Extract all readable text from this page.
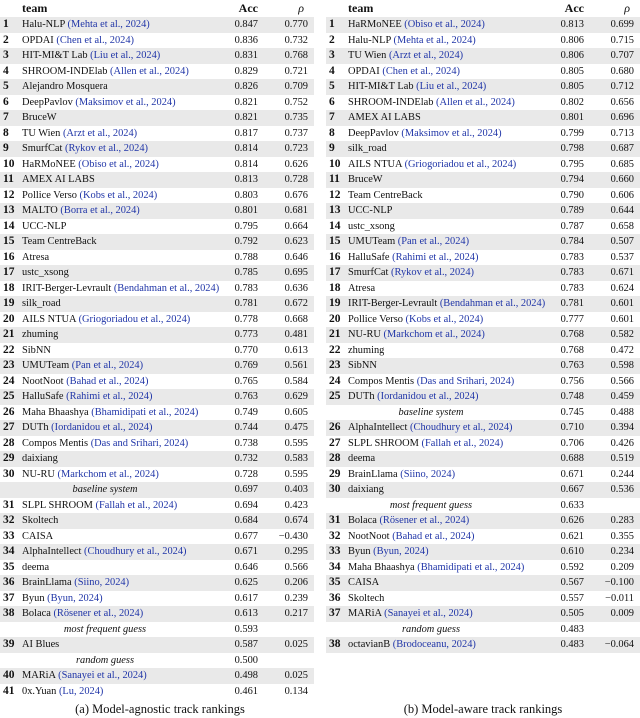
team	Acc	ρ
1	Halu-NLP (Mehta et al., 2024)	0.847	0.770
2	OPDAI (Chen et al., 2024)	0.836	0.732
3	HIT-MI&T Lab (Liu et al., 2024)	0.831	0.768
4	SHROOM-INDElab (Allen et al., 2024)	0.829	0.721
5	Alejandro Mosquera	0.826	0.709
6	DeepPavlov (Maksimov et al., 2024)	0.821	0.752
7	BruceW	0.821	0.735
8	TU Wien (Arzt et al., 2024)	0.817	0.737
9	SmurfCat (Rykov et al., 2024)	0.814	0.723
10 HaRMoNEE (Obiso et al., 2024)	0.814	0.626
11 AMEX AI LABS	0.813	0.728
12 Pollice Verso (Kobs et al., 2024)	0.803	0.676
13 MALTO (Borra et al., 2024)	0.801	0.681
14 UCC-NLP	0.795	0.664
15 Team CentreBack	0.792	0.623
16 Atresa	0.788	0.646
17 ustc_xsong	0.785	0.695
18 IRIT-Berger-Levrault (Bendahman et al., 2024) 0.783	0.636
19 silk_road	0.781	0.672
20 AILS NTUA (Griogoriadou et al., 2024)	0.778	0.668
21 zhuming	0.773	0.481
22 SibNN	0.770	0.613
23 UMUTeam (Pan et al., 2024)	0.769	0.561
24 NootNoot (Bahad et al., 2024)	0.765	0.584
25 HalluSafe (Rahimi et al., 2024)	0.763	0.629
26 Maha Bhaashya (Bhamidipati et al., 2024)	0.749	0.605
27 DUTh (Iordanidou et al., 2024)	0.744	0.475
28 Compos Mentis (Das and Srihari, 2024)	0.738	0.595
29 daixiang	0.732	0.583
30 NU-RU (Markchom et al., 2024)	0.728	0.595
baseline system	0.697	0.403
31 SLPL SHROOM (Fallah et al., 2024)	0.694	0.423
32 Skoltech	0.684	0.674
33 CAISA	0.677 −0.430
34 AlphaIntellect (Choudhury et al., 2024)	0.671	0.295
35 deema	0.646	0.566
36 BrainLlama (Siino, 2024)	0.625	0.206
37 Byun (Byun, 2024)	0.617	0.239
38 Bolaca (Rösener et al., 2024)	0.613	0.217
most frequent guess	0.593
39 AI Blues	0.587	0.025
random guess	0.500
40 MARiA (Sanayei et al., 2024)	0.498	0.025
41 0x.Yuan (Lu, 2024)	0.461	0.134
team	Acc	ρ
1	HaRMoNEE (Obiso et al., 2024)	0.813	0.699
2	Halu-NLP (Mehta et al., 2024)	0.806	0.715
3	TU Wien (Arzt et al., 2024)	0.806	0.707
4	OPDAI (Chen et al., 2024)	0.805	0.680
5	HIT-MI&T Lab (Liu et al., 2024)	0.805	0.712
6	SHROOM-INDElab (Allen et al., 2024)	0.802	0.656
7	AMEX AI LABS	0.801	0.696
8	DeepPavlov (Maksimov et al., 2024)	0.799	0.713
9	silk_road	0.798	0.687
10 AILS NTUA (Griogoriadou et al., 2024)	0.795	0.685
11 BruceW	0.794	0.660
12 Team CentreBack	0.790	0.606
13 UCC-NLP	0.789	0.644
14 ustc_xsong	0.787	0.658
15 UMUTeam (Pan et al., 2024)	0.784	0.507
16 HalluSafe (Rahimi et al., 2024)	0.783	0.537
17 SmurfCat (Rykov et al., 2024)	0.783	0.671
18 Atresa	0.783	0.624
19 IRIT-Berger-Levrault (Bendahman et al., 2024) 0.781	0.601
20 Pollice Verso (Kobs et al., 2024)	0.777	0.601
21 NU-RU (Markchom et al., 2024)	0.768	0.582
22 zhuming	0.768	0.472
23 SibNN	0.763	0.598
24 Compos Mentis (Das and Srihari, 2024)	0.756	0.566
25 DUTh (Iordanidou et al., 2024)	0.748	0.459
baseline system	0.745	0.488
26 AlphaIntellect (Choudhury et al., 2024)	0.710	0.394
27 SLPL SHROOM (Fallah et al., 2024)	0.706	0.426
28 deema	0.688	0.519
29 BrainLlama (Siino, 2024)	0.671	0.244
30 daixiang	0.667	0.536
most frequent guess	0.633
31 Bolaca (Rösener et al., 2024)	0.626	0.283
32 NootNoot (Bahad et al., 2024)	0.621	0.355
33 Byun (Byun, 2024)	0.610	0.234
34 Maha Bhaashya (Bhamidipati et al., 2024)	0.592	0.209
35 CAISA	0.567 −0.100
36 Skoltech	0.557 −0.011
37 MARiA (Sanayei et al., 2024)	0.505	0.009
random guess	0.483
38 octavianB (Brodoceanu, 2024)	0.483 −0.064
(a) Model-agnostic track rankings	(b) Model-aware track rankings
